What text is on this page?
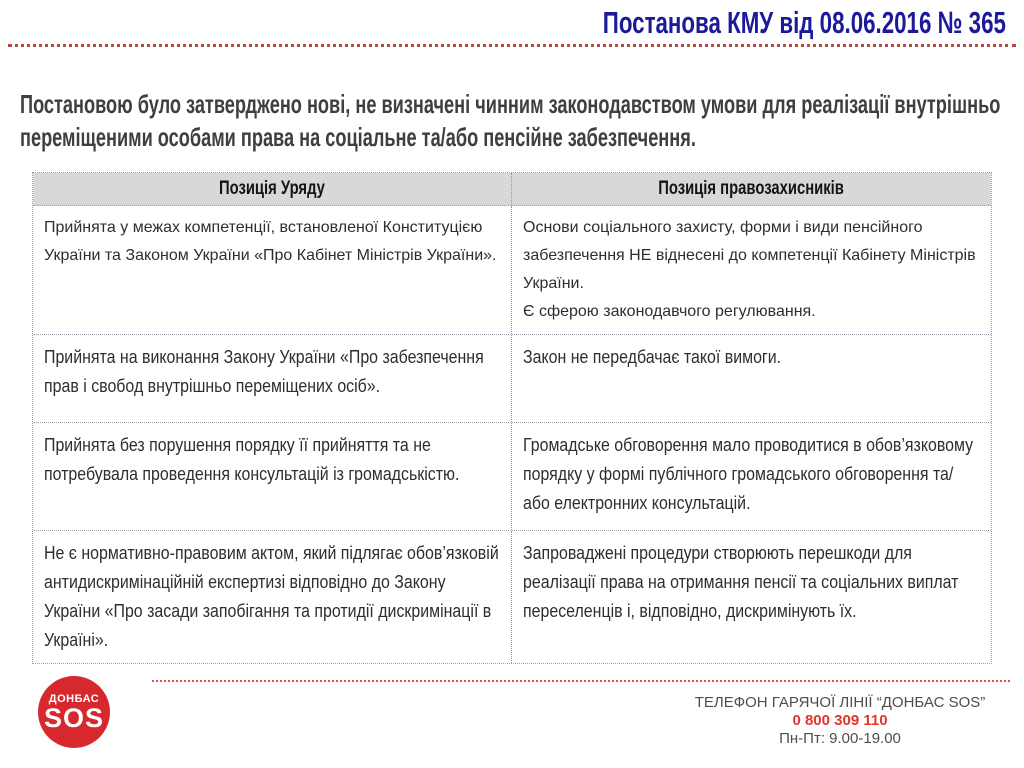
Постанова КМУ від 08.06.2016 № 365
Постановою було затверджено нові, не визначені чинним законодавством умови для реалізації внутрішньо переміщеними особами права на соціальне та/або пенсійне забезпечення.
Позиція Уряду	Позиція правозахисників

Прийнята у межах компетенції, встановленої Конституцією України та Законом України «Про Кабінет Міністрів України».

Основи соціального захисту, форми і види пенсійного забезпечення НЕ віднесені до компетенції Кабінету Міністрів України.

Є сферою законодавчого регулювання.

Прийнята на виконання Закону України «Про забезпечення прав і свобод внутрішньо переміщених осіб».

Закон не передбачає такої вимоги.

Прийнята без порушення порядку її прийняття та не потребувала проведення консультацій із громадськістю.

Громадське обговорення мало проводитися в обов’язковому порядку у формі публічного громадського обговорення та/або електронних консультацій.

Не є нормативно-правовим актом, який підлягає обов’язковій антидискримінаційній експертизі відповідно до Закону України «Про засади запобігання та протидії дискримінації в Україні».

Запроваджені процедури створюють перешкоди для реалізації права на отримання пенсії та соціальних виплат переселенців і, відповідно, дискримінують їх.

ДОНБАС
SOS	ТЕЛЕФОН ГАРЯЧОЇ ЛІНІЇ “ДОНБАС SOS”
0 800 309 110
Пн-Пт: 9.00-19.00
